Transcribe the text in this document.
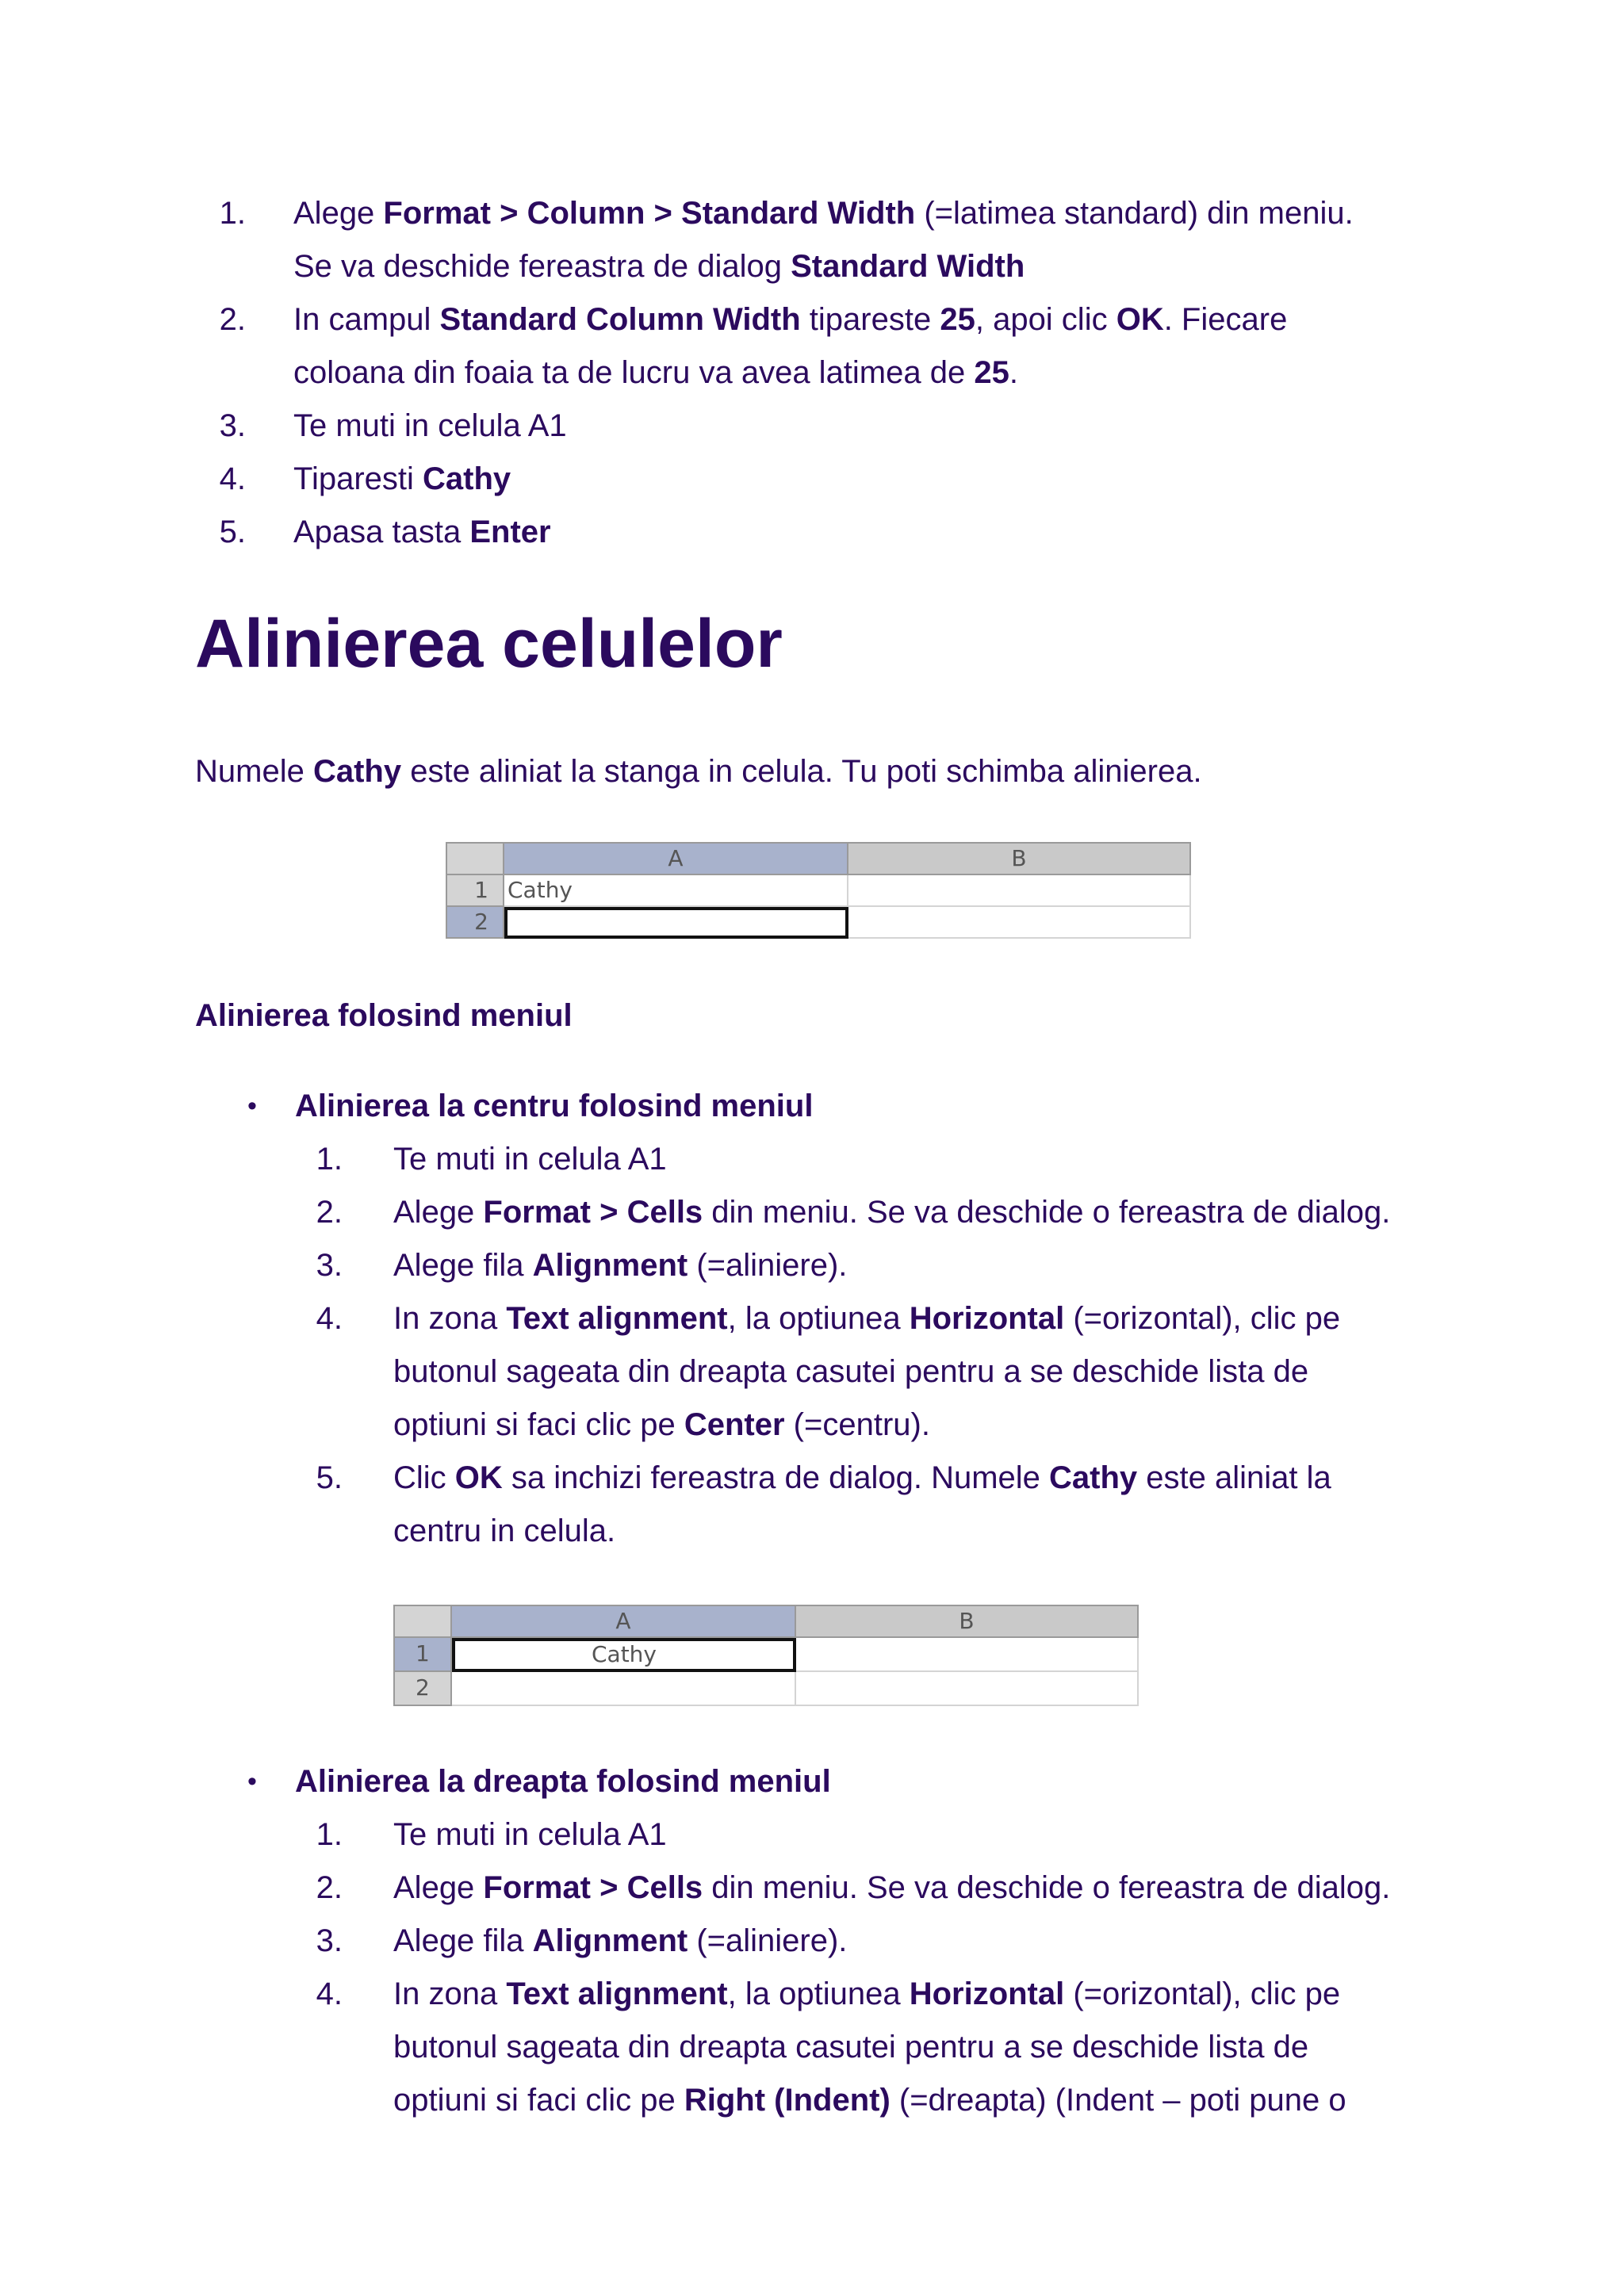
1. Alege Format > Column > Standard Width (=latimea standard) din meniu.
Se va deschide fereastra de dialog Standard Width
2. In campul Standard Column Width tipareste 25, apoi clic OK. Fiecare
coloana din foaia ta de lucru va avea latimea de 25.
3. Te muti in celula A1
4. Tiparesti Cathy
5. Apasa tasta Enter
Alinierea celulelor
Numele Cathy este aliniat la stanga in celula. Tu poti schimba alinierea.
A	B
1 Cathy
2
Alinierea folosind meniul
• Alinierea la centru folosind meniul
1. Te muti in celula A1
2. Alege Format > Cells din meniu. Se va deschide o fereastra de dialog.
3. Alege fila Alignment (=aliniere).
4. In zona Text alignment, la optiunea Horizontal (=orizontal), clic pe
butonul sageata din dreapta casutei pentru a se deschide lista de
optiuni si faci clic pe Center (=centru).
5. Clic OK sa inchizi fereastra de dialog. Numele Cathy este aliniat la
centru in celula.
A	B
1	Cathy
2
• Alinierea la dreapta folosind meniul
1. Te muti in celula A1
2. Alege Format > Cells din meniu. Se va deschide o fereastra de dialog.
3. Alege fila Alignment (=aliniere).
4. In zona Text alignment, la optiunea Horizontal (=orizontal), clic pe
butonul sageata din dreapta casutei pentru a se deschide lista de
optiuni si faci clic pe Right (Indent) (=dreapta) (Indent – poti pune o
